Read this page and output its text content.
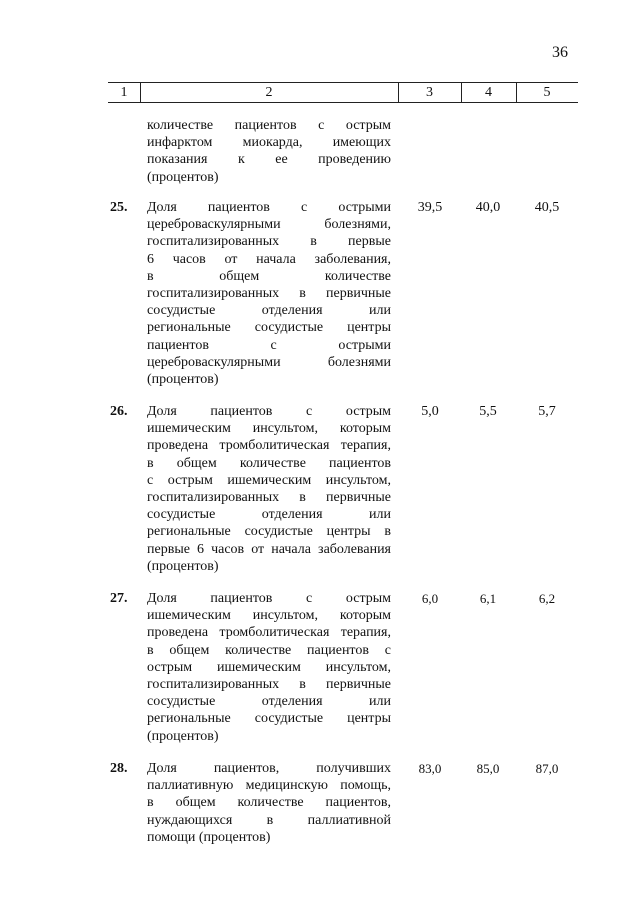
36
1	2	3	4	5
количестве пациентов с острым
инфарктом миокарда, имеющих
показания к ее проведению
(процентов)
25. Доля пациентов с острыми
цереброваскулярными болезнями,
госпитализированных в первые
6 часов от начала заболевания,
в общем количестве
госпитализированных в первичные
сосудистые отделения или
региональные сосудистые центры
пациентов с острыми
цереброваскулярными болезнями
(процентов)
39,5	40,0	40,5
26. Доля пациентов с острым
ишемическим инсультом, которым
проведена тромболитическая терапия,
в общем количестве пациентов
с острым ишемическим инсультом,
госпитализированных в первичные
сосудистые отделения или
региональные сосудистые центры в
первые 6 часов от начала заболевания
(процентов)
5,0	5,5	5,7
27. Доля пациентов с острым
ишемическим инсультом, которым
проведена тромболитическая терапия,
в общем количестве пациентов с
острым ишемическим инсультом,
госпитализированных в первичные
сосудистые отделения или
региональные сосудистые центры
(процентов)
6,0	6,1	6,2
28. Доля пациентов, получивших
паллиативную медицинскую помощь,
в общем количестве пациентов,
нуждающихся в паллиативной
помощи (процентов)
83,0	85,0	87,0
